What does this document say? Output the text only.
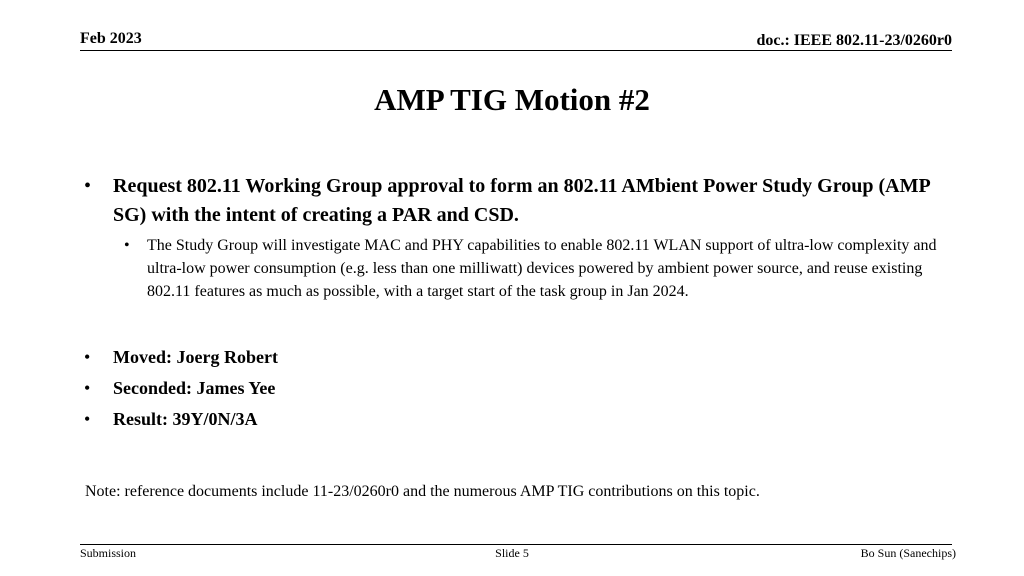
Feb 2023	doc.: IEEE 802.11-23/0260r0
AMP TIG Motion #2
• Request 802.11 Working Group approval to form an 802.11 AMbient Power Study Group (AMP SG) with the intent of creating a PAR and CSD.
• The Study Group will investigate MAC and PHY capabilities to enable 802.11 WLAN support of ultra-low complexity and ultra-low power consumption (e.g. less than one milliwatt) devices powered by ambient power source, and reuse existing 802.11 features as much as possible, with a target start of the task group in Jan 2024.
• Moved: Joerg Robert
• Seconded: James Yee
• Result: 39Y/0N/3A
Note: reference documents include 11-23/0260r0 and the numerous AMP TIG contributions on this topic.
Submission	Slide 5	Bo Sun (Sanechips)
